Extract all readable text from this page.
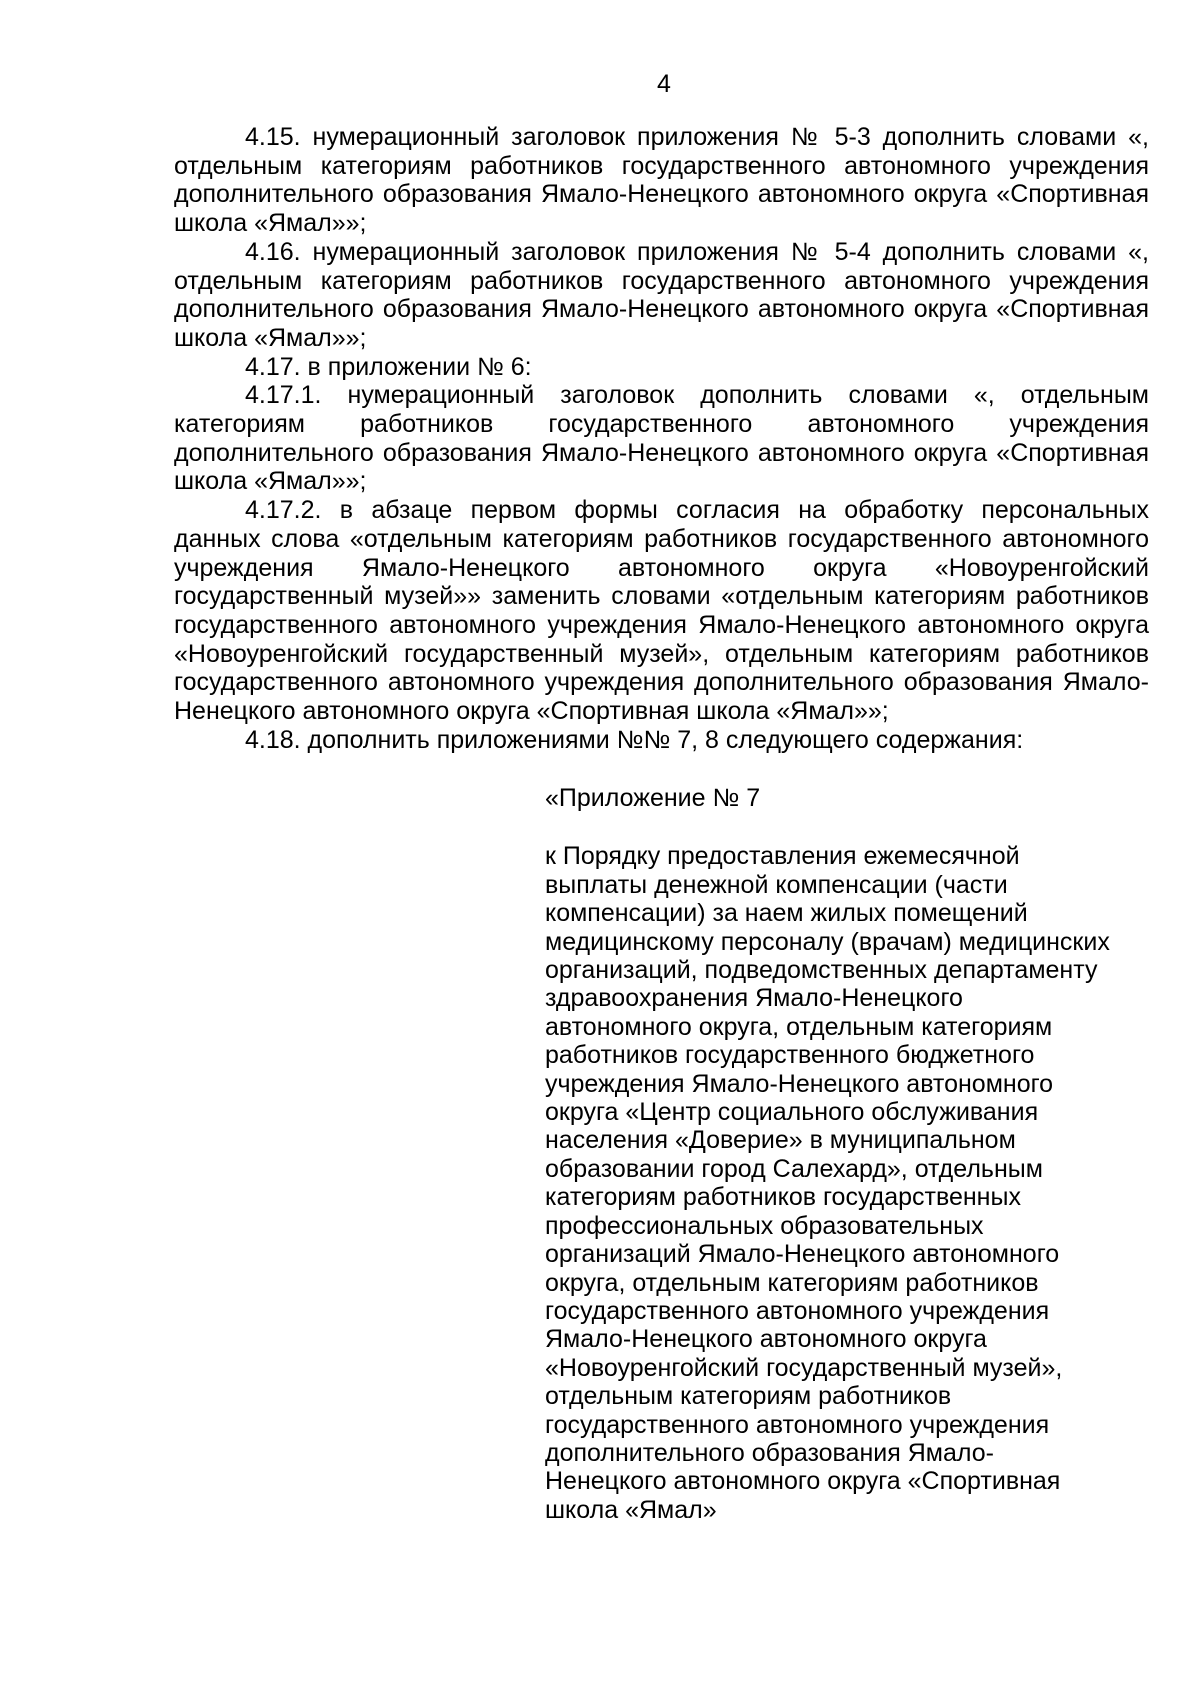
4

4.15. нумерационный заголовок приложения № 5-3 дополнить словами «, отдельным категориям работников государственного автономного учреждения дополнительного образования Ямало-Ненецкого автономного округа «Спортивная школа «Ямал»»;

4.16. нумерационный заголовок приложения № 5-4 дополнить словами «, отдельным категориям работников государственного автономного учреждения дополнительного образования Ямало-Ненецкого автономного округа «Спортивная школа «Ямал»»;

4.17. в приложении № 6:

4.17.1. нумерационный заголовок дополнить словами «, отдельным категориям работников государственного автономного учреждения дополнительного образования Ямало-Ненецкого автономного округа «Спортивная школа «Ямал»»;

4.17.2. в абзаце первом формы согласия на обработку персональных данных слова «отдельным категориям работников государственного автономного учреждения Ямало-Ненецкого автономного округа «Новоуренгойский государственный музей»» заменить словами «отдельным категориям работников государственного автономного учреждения Ямало-Ненецкого автономного округа «Новоуренгойский государственный музей», отдельным категориям работников государственного автономного учреждения дополнительного образования Ямало-Ненецкого автономного округа «Спортивная школа «Ямал»»;

4.18. дополнить приложениями №№ 7, 8 следующего содержания:

«Приложение № 7

к Порядку предоставления ежемесячной
выплаты денежной компенсации (части
компенсации) за наем жилых помещений
медицинскому персоналу (врачам) медицинских
организаций, подведомственных департаменту
здравоохранения Ямало-Ненецкого
автономного округа, отдельным категориям
работников государственного бюджетного
учреждения Ямало-Ненецкого автономного
округа «Центр социального обслуживания
населения «Доверие» в муниципальном
образовании город Салехард», отдельным
категориям работников государственных
профессиональных образовательных
организаций Ямало-Ненецкого автономного
округа, отдельным категориям работников
государственного автономного учреждения
Ямало-Ненецкого автономного округа
«Новоуренгойский государственный музей»,
отдельным категориям работников
государственного автономного учреждения
дополнительного образования Ямало-
Ненецкого автономного округа «Спортивная
школа «Ямал»
